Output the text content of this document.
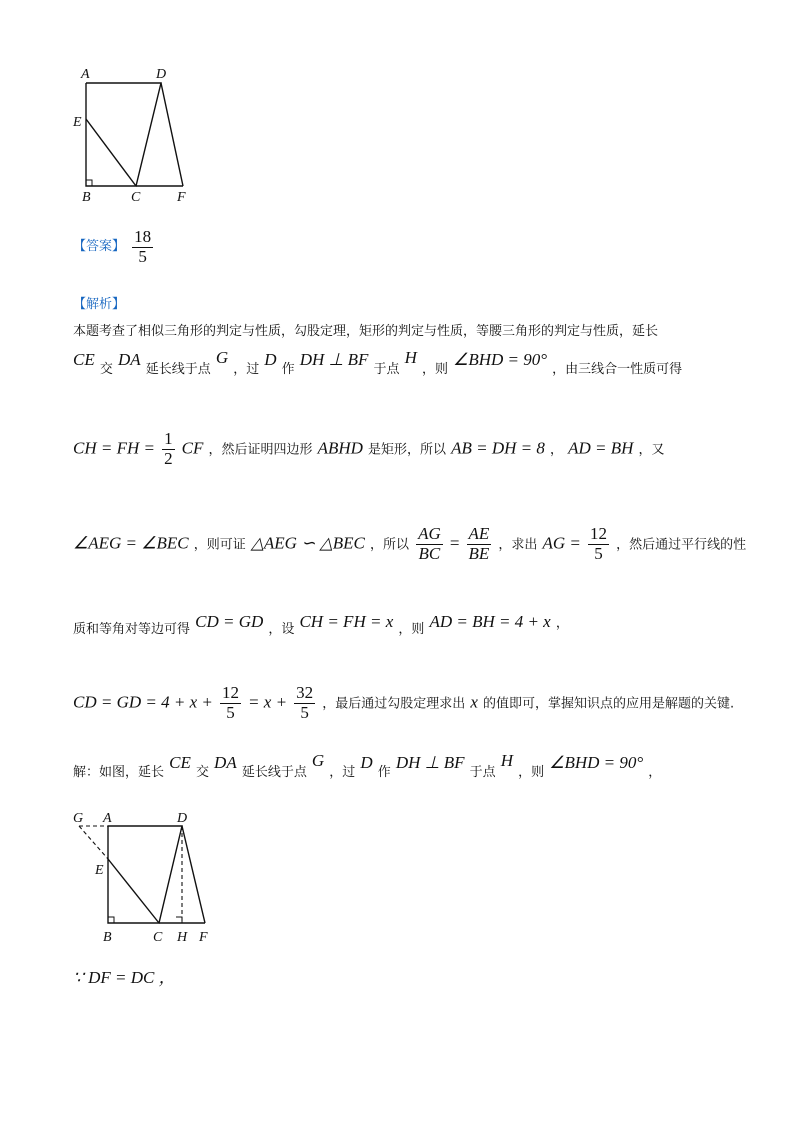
A	D
E
B	C	F
【答案】 $\frac{18}{5}$
【解析】
本题考查了相似三角形的判定与性质，勾股定理，矩形的判定与性质，等腰三角形的判定与性质，延长
CE $_交$ DA $_{延长线于点}$ G $_{,过}$ D $_作$ DH ⊥ BF $_{于点}$ H $_{,则}$ ∠BHD = 90° $_{,由三线合一性质可得}$
CH = FH = $\frac{1}{2}$ CF ，然后证明四边形 ABHD 是矩形，所以 AB = DH = 8 ， AD = BH ，又
∠AEG = ∠BEC ，则可证 △AEG ∽ △BEC ，所以 $\frac{AG}{BC} = \frac{AE}{BE}$ ，求出 AG = $\frac{12}{5}$ ，然后通过平行线的性
$_{质和等角对等边可得}$ CD = GD $_{,设}$ CH = FH = x $_{,则}$ AD = BH = 4 + x ，
CD = GD = $4 + x + \frac{12}{5} = x + \frac{32}{5}$ ，最后通过勾股定理求出 x 的值即可，掌握知识点的应用是解题的关键.
$_{解:如图,延长}$ CE $_交$ DA $_{延长线于点}$ G $_{,过}$ D $_作$ DH ⊥ BF $_{于点}$ H $_{,则}$ ∠BHD = 90° $_,$
G A	D
E
B	C H F
∵ DF = DC ，
